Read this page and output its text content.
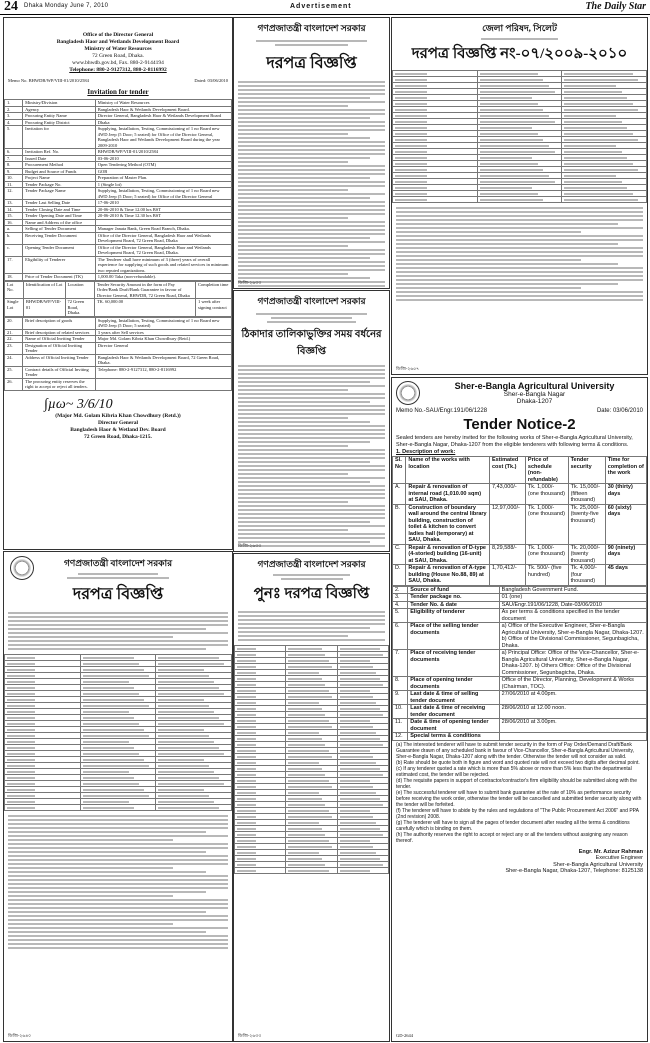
24 Dhaka Monday June 7, 2010	Advertisement	The Daily Star
Office of the Director General
Bangladesh Haor and Wetlands Development Board
Ministry of Water Resources
72 Green Road, Dhaka.
www.bhwdb.gov.bd, Fax. 880-2-9144194
Telephone: 880-2-9127312, 880-2-8116992
Memo No. BHWDB/WP/VIII-01/2010/2584	Dated: 03/06/2010
Invitation for tender
1.	Ministry/Division	Ministry of Water Resources
2.	Agency	Bangladesh Haor & Wetlands Development Board.
3.	Procuring Entity Name	Director General, Bangladesh Haor & Wetlands Development Board
4.	Procuring Entity District	Dhaka
5.	Invitation for	Supplying, Installation, Testing, Commissioning of 1 no Board new 4WD Jeep (5 Door; 5 seated) for Office of the Director General, Bangladesh Haor and Wetlands Development Board during the year 2009-2010
6.	Invitation Ref. No.	BHWDB/WP/VIII-01/2010/2584
7.	Issued Date	03-06-2010
8.	Procurement Method	Open Tendering Method (OTM)
9.	Budget and Source of Funds	GOB
10.	Project Name	Preparation of Master Plan.
11.	Tender Package No.	1 (Single lot)
12.	Tender Package Name	Supplying, Installation, Testing, Commissioning of 1 no Board new 4WD Jeep (5 Door; 5 seated) for Office of the Director General
13.	Tender Last Selling Date	17-06-2010
14.	Tender Closing Date and Time	20-06-2010 & Time 12.00 hrs BST
15.	Tender Opening Date and Time	20-06-2010 & Time 12.30 hrs BST
16.	Name and Address of the office	
a.	Selling of Tender Document	Manager Janata Bank, Green Road Branch, Dhaka.
b.	Receiving Tender Document	Office of the Director General, Bangladesh Haor and Wetlands Development Board, 72 Green Road, Dhaka
c.	Opening Tender Document	Office of the Director General, Bangladesh Haor and Wetlands Development Board, 72 Green Road, Dhaka.
17.	Eligibility of Tenderer	The Tenderer shall have minimum of 3 (three) years of overall experience for supplying of such goods and related services in minimum two reputed organizations.
18.	Price of Tender Document (TK)	1,000.00 Taka (non-refundable).
Lot No.	Identification of Lot	Location	Tender Security Amount in the form of Pay Order/Bank Draft/Bank Guarantee in favour of Director General, BHWDB, 72 Green Road, Dhaka	Completion time
Single Lot	BHWDB/WP/VIII-01	72 Green Road, Dhaka.	TK. 60,000.00	1 week after signing contract
20.	Brief description of goods	Supplying, Installation, Testing, Commissioning of 1 no Board new 4WD Jeep (5 Door; 5 seated)
21.	Brief description of related services	3 years after Sell services
22.	Name of Official Inviting Tender	Major Md. Golam Kibria Khan Chowdhury (Retd.)
23.	Designation of Official Inviting Tender	Director General
24.	Address of Official Inviting Tender	Bangladesh Haor & Wetlands Development Board, 72 Green Road, Dhaka.
25.	Contract details of Official Inviting Tender	Telephone: 880-2-9127312, 880-2-8116992
26.	The procuring entity reserves the right to accept or reject all tenders.	
∫µω~ 3/6/10
(Major Md. Golam Kibria Khan Chowdhury (Retd.))
Director General
Bangladesh Haor & Wetland Dev. Board
72 Green Road, Dhaka-1215.
গণপ্রজাতন্ত্রী বাংলাদেশ সরকার
দরপত্র বিজ্ঞপ্তি
ডিজি-২৬৩৩
গণপ্রজাতন্ত্রী বাংলাদেশ সরকার
ঠিকাদার তালিকাভুক্তির সময় বর্ধনের বিজ্ঞপ্তি
ডিজি-২৬৩৩
জেলা পরিষদ, সিলেট
দরপত্র বিজ্ঞপ্তি নং-০৭/২০০৯-২০১০

ডিজি-২৬৫৭
Sher-e-Bangla Agricultural University
Sher-e-Bangla Nagar
Dhaka-1207
Memo No.-SAU/Engr.191/06/1228	Date: 03/06/2010
Tender Notice-2
Sealed tenders are hereby invited for the following works of Sher-e-Bangla Agricultural University, Sher-e-Bangla Nagar, Dhaka-1207 from the eligible tenderers with following terms & conditions.
1. Description of work:
Sl. No	Name of the works with location	Estimated cost (Tk.)	Price of schedule (non-refundable)	Tender security	Time for completion of the work
A.	Repair & renovation of internal road (1,010.00 sqm) at SAU, Dhaka.	7,43,000/-	Tk. 1,000/- (one thousand)	Tk. 15,000/- (fifteen thousand)	30 (thirty) days
B.	Construction of boundary wall around the central library building, construction of toilet & kitchen to convert ladies hall (temporary) at SAU, Dhaka.	12,97,000/-	Tk. 1,000/- (one thousand)	Tk. 25,000/- (twenty-five thousand)	60 (sixty) days
C.	Repair & renovation of D-type (4-storied) building (16-unit) at SAU, Dhaka.	8,29,588/-	Tk. 1,000/- (one thousand)	Tk. 20,000/- (twenty thousand)	90 (ninety) days
D.	Repair & renovation of A-type building (House No.88, 89) at SAU, Dhaka.	1,70,412/-	Tk. 500/- (five hundred)	Tk. 4,000/- (four thousand)	45 days
2.	Source of fund	Bangladesh Government Fund.
3.	Tender package no.	01 (one)
4.	Tender No. & date	SAU/Engr.191/06/1228, Date-03/06/2010
5.	Eligibility of tenderer	As per terms & conditions specified in the tender document
6.	Place of the selling tender documents	a) Office of the Executive Engineer, Sher-e-Bangla Agricultural University, Sher-e-Bangla Nagar, Dhaka-1207. b) Office of the Divisional Commissioner, Segunbagicha, Dhaka.
7.	Place of receiving tender documents	a) Principal Office: Office of the Vice-Chancellor, Sher-e-Bangla Agricultural University, Sher-e-Bangla Nagar, Dhaka-1207. b) Others Office: Office of the Divisional Commissioner, Segunbagicha, Dhaka.
8.	Place of opening tender documents	Office of the Director, Planning, Development & Works (Chairman, TOC).
9.	Last date & time of selling tender document	27/06/2010 at 4.00pm.
10.	Last date & time of receiving tender document	28/06/2010 at 12.00 noon.
11.	Date & time of opening tender document	28/06/2010 at 3.00pm.
12.	Special terms & conditions	
(a) The interested tenderer will have to submit tender security in the form of Pay Order/Demand Draft/Bank Guarantee drawn of any scheduled bank in favour of Vice-Chancellor, Sher-e-Bangla Agricultural University, Sher-e-Bangla Nagar, Dhaka-1207 along with the tender. Otherwise the tender will not consider as valid.
(b) Rate should be quote both in figure and word and quoted rate will not exceed two digits after decimal point.
(c) If any tenderer quoted a rate which is more than 5% above or more than 5% less than the departmental estimated cost, the tender will be rejected.
(d) The requisite papers in support of contractor/contractor's firm eligibility should be submitted along with the tender.
(e) The successful tenderer will have to submit bank guarantee at the rate of 10% as performance security before receiving the work order, otherwise the tender will be cancelled and submitted tender security along with the tender will be forfeited.
(f) The tenderer will have to abide by the rules and regulations of "The Public Procurement Act 2006" and PPA (2nd revision) 2008.
(g) The tenderer will have to sign all the pages of tender document after reading all the terms & conditions carefully which is binding on them.
(h) The authority reserves the right to accept or reject any or all the tenders without assigning any reason thereof.
Engr. Mr. Azizur Rahman
Executive Engineer
Sher-e-Bangla Agricultural University
Sher-e-Bangla Nagar, Dhaka-1207, Telephone: 8125138
GD-2644
গণপ্রজাতন্ত্রী বাংলাদেশ সরকার
দরপত্র বিজ্ঞপ্তি

ডিজি-২৬৪০
গণপ্রজাতন্ত্রী বাংলাদেশ সরকার
পুনঃ দরপত্র বিজ্ঞপ্তি

ডিজি-২৬৩৩
